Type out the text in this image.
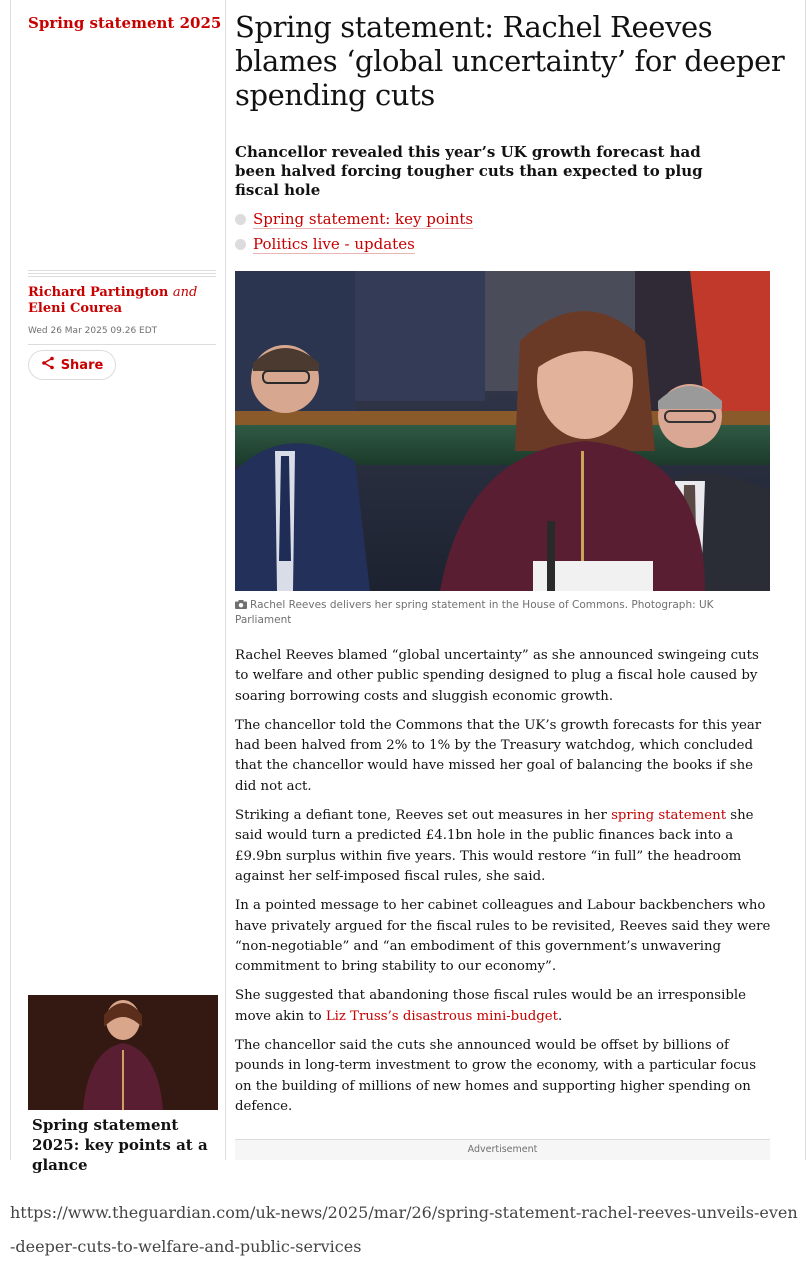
Spring statement 2025
Richard Partington and Eleni Courea
Wed 26 Mar 2025 09.26 EDT
Share
Spring statement: Rachel Reeves blames ‘global uncertainty’ for deeper spending cuts
Chancellor revealed this year’s UK growth forecast had been halved forcing tougher cuts than expected to plug fiscal hole
Spring statement: key points
Politics live - updates
Rachel Reeves delivers her spring statement in the House of Commons. Photograph: UK Parliament

Rachel Reeves blamed “global uncertainty” as she announced swingeing cuts to welfare and other public spending designed to plug a fiscal hole caused by soaring borrowing costs and sluggish economic growth.

The chancellor told the Commons that the UK’s growth forecasts for this year had been halved from 2% to 1% by the Treasury watchdog, which concluded that the chancellor would have missed her goal of balancing the books if she did not act.

Striking a defiant tone, Reeves set out measures in her spring statement she said would turn a predicted £4.1bn hole in the public finances back into a £9.9bn surplus within five years. This would restore “in full” the headroom against her self-imposed fiscal rules, she said.

In a pointed message to her cabinet colleagues and Labour backbenchers who have privately argued for the fiscal rules to be revisited, Reeves said they were “non-negotiable” and “an embodiment of this government’s unwavering commitment to bring stability to our economy”.

She suggested that abandoning those fiscal rules would be an irresponsible move akin to Liz Truss’s disastrous mini-budget.

The chancellor said the cuts she announced would be offset by billions of pounds in long-term investment to grow the economy, with a particular focus on the building of millions of new homes and supporting higher spending on defence.

Spring statement 2025: key points at a glance
Advertisement
https://www.theguardian.com/uk-news/2025/mar/26/spring-statement-rachel-reeves-unveils-even-deeper-cuts-to-welfare-and-public-services
